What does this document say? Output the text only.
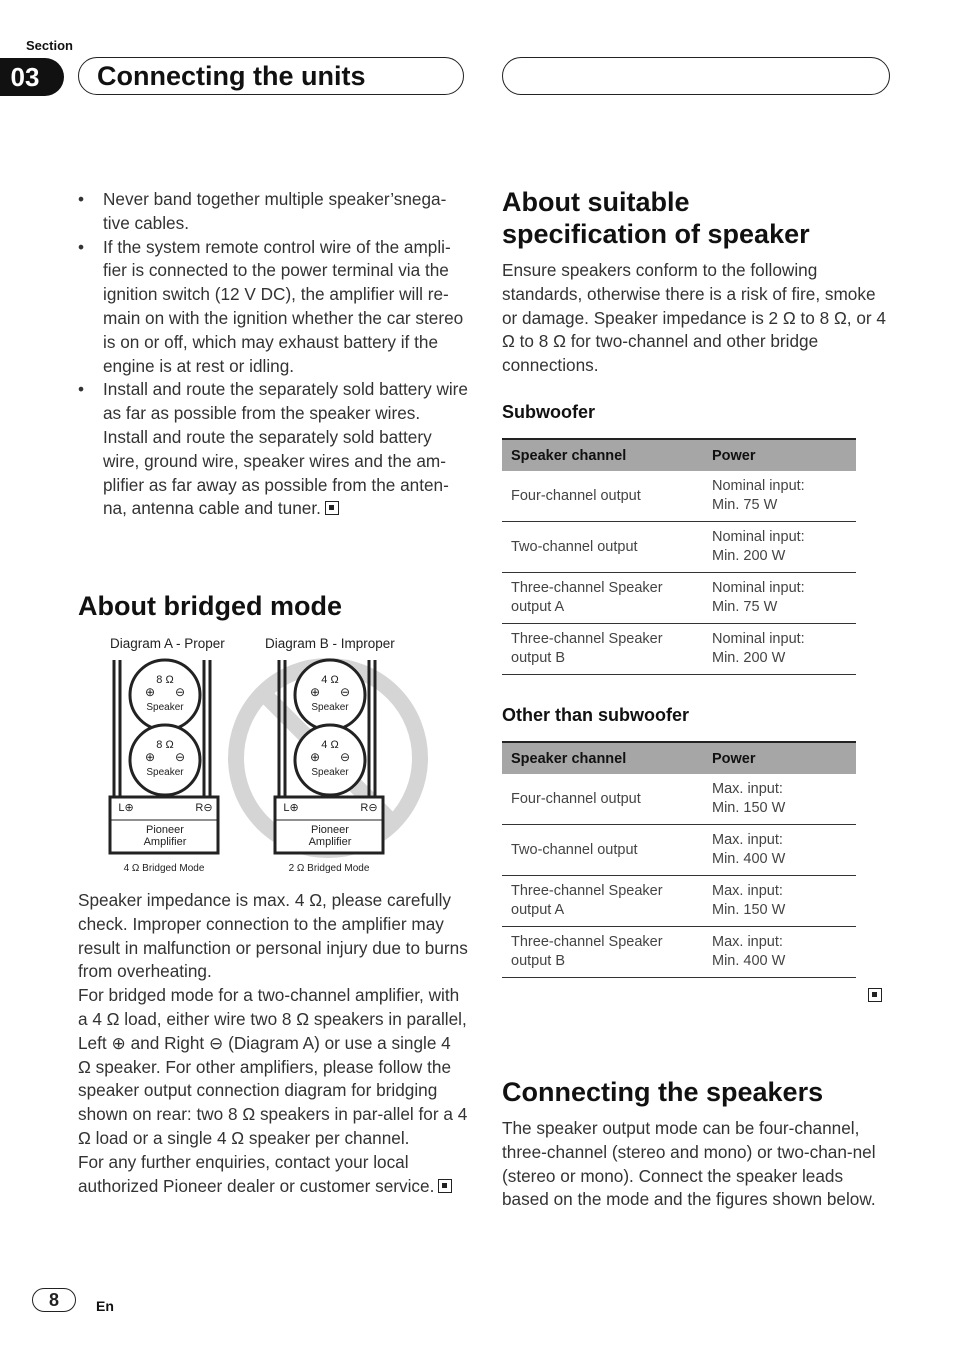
Section
03	Connecting the units
• Never band together multiple speaker’snega-tive cables.
• If the system remote control wire of the ampli-fier is connected to the power terminal via the ignition switch (12 V DC), the amplifier will re-main on with the ignition whether the car stereo is on or off, which may exhaust battery if the engine is at rest or idling.
• Install and route the separately sold battery wire as far as possible from the speaker wires. Install and route the separately sold battery wire, ground wire, speaker wires and the am-plifier as far away as possible from the anten-na, antenna cable and tuner.
About bridged mode
Diagram A - Proper	Diagram B - Improper
8 Ω
⊕ ⊖
Speaker
8 Ω
⊕ ⊖
Speaker
L⊕	R⊖
Pioneer
Amplifier
4 Ω Bridged Mode
4 Ω
⊕ ⊖
Speaker
4 Ω
⊕ ⊖
Speaker
L⊕	R⊖
Pioneer
Amplifier
2 Ω Bridged Mode
Speaker impedance is max. 4 Ω, please carefully check. Improper connection to the amplifier may result in malfunction or personal injury due to burns from overheating.
For bridged mode for a two-channel amplifier, with a 4 Ω load, either wire two 8 Ω speakers in parallel, Left ⊕ and Right ⊖ (Diagram A) or use a single 4 Ω speaker. For other amplifiers, please follow the speaker output connection diagram for bridging shown on rear: two 8 Ω speakers in par-allel for a 4 Ω load or a single 4 Ω speaker per channel.
For any further enquiries, contact your local authorized Pioneer dealer or customer service.
About suitable
specification of speaker
Ensure speakers conform to the following standards, otherwise there is a risk of fire, smoke or damage. Speaker impedance is 2 Ω to 8 Ω, or 4 Ω to 8 Ω for two-channel and other bridge connections.
Subwoofer
Speaker channel	Power
Four-channel output	Nominal input:
Min. 75 W

Two-channel output	Nominal input:
Min. 200 W

Three-channel Speaker output A	Nominal input:
Min. 75 W

Three-channel Speaker output B	Nominal input:
Min. 200 W
Other than subwoofer
Speaker channel	Power
Four-channel output	Max. input:
Min. 150 W

Two-channel output	Max. input:
Min. 400 W

Three-channel Speaker output A	Max. input:
Min. 150 W

Three-channel Speaker output B	Max. input:
Min. 400 W
Connecting the speakers
The speaker output mode can be four-channel, three-channel (stereo and mono) or two-chan-nel (stereo or mono). Connect the speaker leads based on the mode and the figures shown below.
8	En
